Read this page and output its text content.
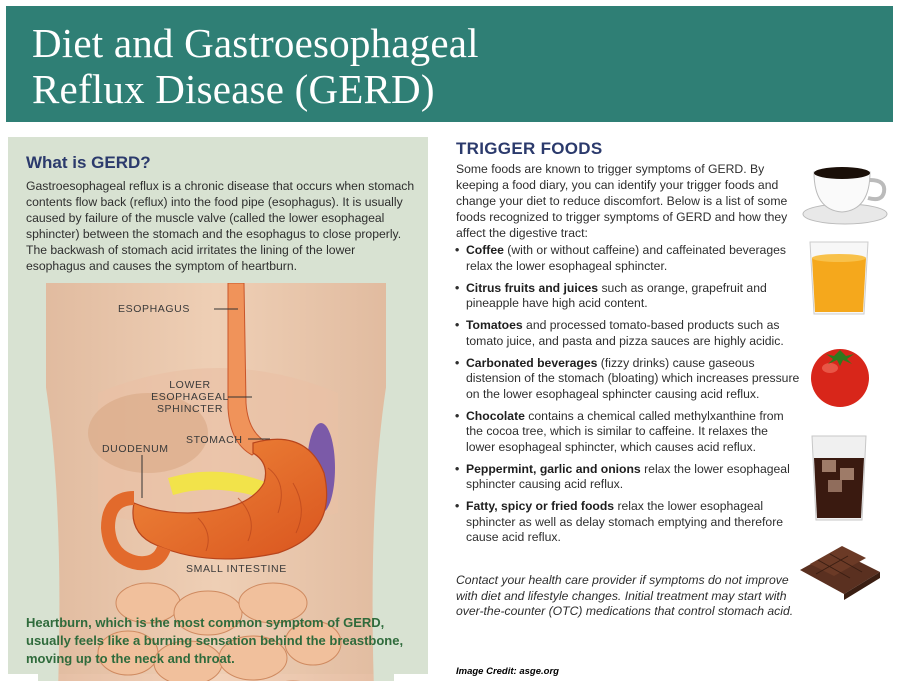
Diet and Gastroesophageal
Reflux Disease (GERD)
What is GERD?
Gastroesophageal reflux is a chronic disease that occurs when stomach contents flow back (reflux) into the food pipe (esophagus). It is usually caused by failure of the muscle valve (called the lower esophageal sphincter) between the stomach and the esophagus to close properly. The backwash of stomach acid irritates the lining of the lower esophagus and causes the symptom of heartburn.
ESOPHAGUS
LOWER
ESOPHAGEAL
SPHINCTER
STOMACH
DUODENUM
SMALL INTESTINE
Heartburn, which is the most common symptom of GERD, usually feels like a burning sensation behind the breastbone, moving up to the neck and throat.
TRIGGER FOODS
Some foods are known to trigger symptoms of GERD. By keeping a food diary, you can identify your trigger foods and change your diet to reduce discomfort. Below is a list of some foods recognized to trigger symptoms of GERD and how they affect the digestive tract:
• Coffee (with or without caffeine) and caffeinated beverages relax the lower esophageal sphincter.
• Citrus fruits and juices such as orange, grapefruit and pineapple have high acid content.
• Tomatoes and processed tomato-based products such as tomato juice, and pasta and pizza sauces are highly acidic.
• Carbonated beverages (fizzy drinks) cause gaseous distension of the stomach (bloating) which increases pressure on the lower esophageal sphincter causing acid reflux.
• Chocolate contains a chemical called methylxanthine from the cocoa tree, which is similar to caffeine. It relaxes the lower esophageal sphincter, which causes acid reflux.
• Peppermint, garlic and onions relax the lower esophageal sphincter causing acid reflux.
• Fatty, spicy or fried foods relax the lower esophageal sphincter as well as delay stomach emptying and therefore cause acid reflux.
Contact your health care provider if symptoms do not improve with diet and lifestyle changes. Initial treatment may start with over-the-counter (OTC) medications that control stomach acid.
Image Credit: asge.org
